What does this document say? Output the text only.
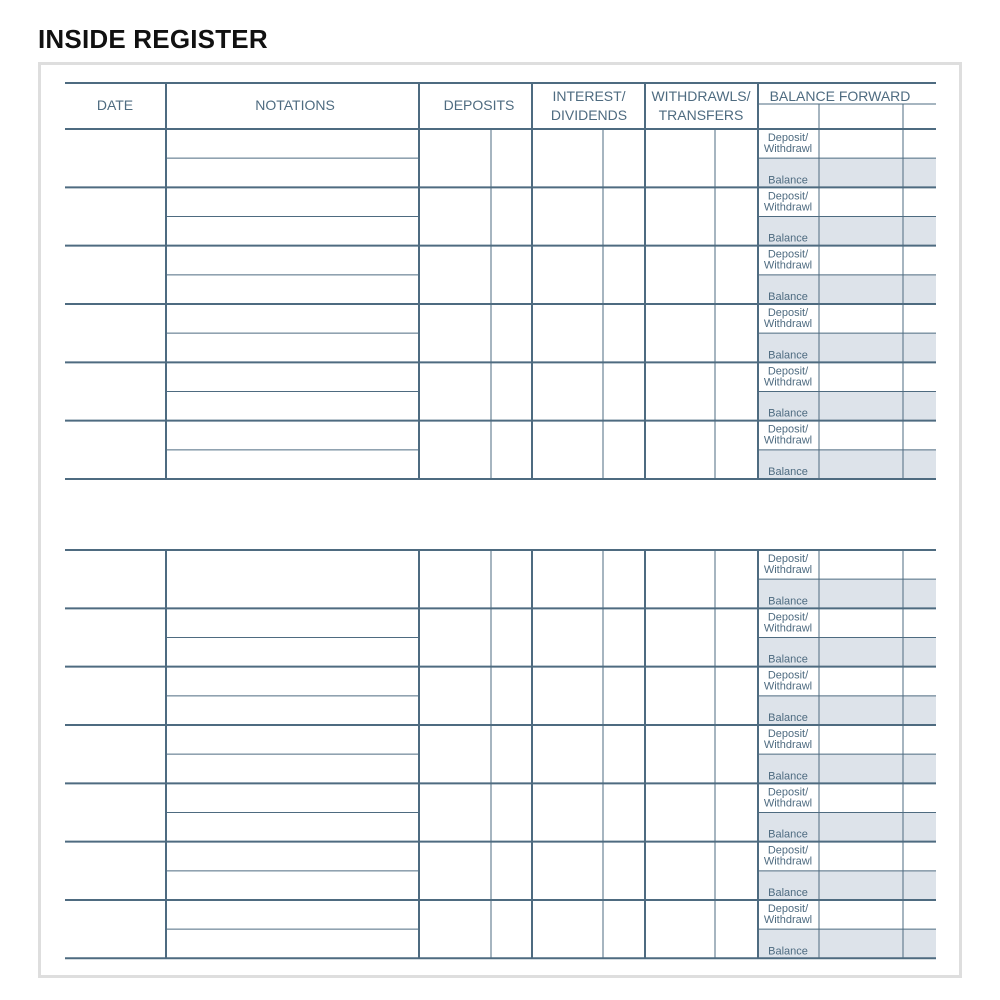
INSIDE REGISTER
Deposit/
Withdrawl
Balance
Deposit/
Withdrawl
Balance
Deposit/
Withdrawl
Balance
Deposit/
Withdrawl
Balance
Deposit/
Withdrawl
Balance
Deposit/
Withdrawl
Balance
Deposit/
Withdrawl
Balance
Deposit/
Withdrawl
Balance
Deposit/
Withdrawl
Balance
Deposit/
Withdrawl
Balance
Deposit/
Withdrawl
Balance
Deposit/
Withdrawl
Balance
Deposit/
Withdrawl
Balance
DATE	NOTATIONS	DEPOSITS
INTEREST/
DIVIDENDS
WITHDRAWLS/
TRANSFERS
BALANCE FORWARD
